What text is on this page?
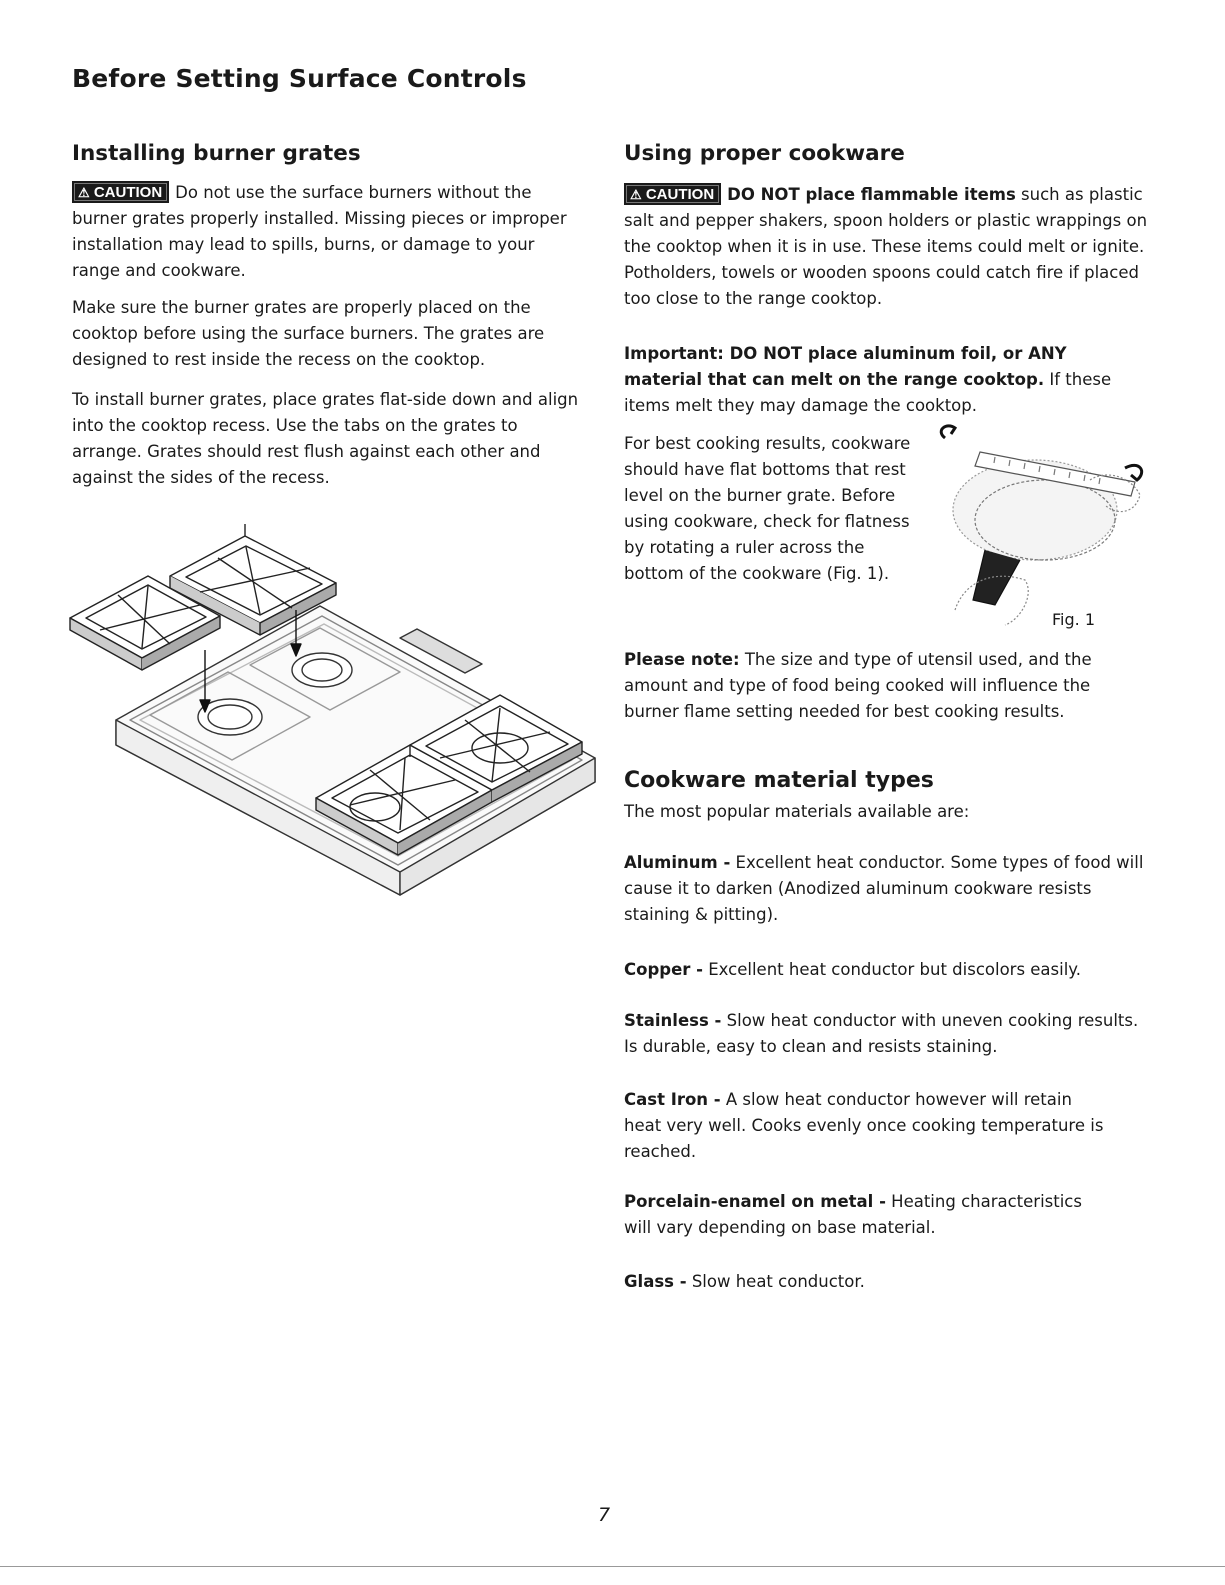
Before Setting Surface Controls
Installing burner grates

⚠ CAUTION Do not use the surface burners without the burner grates properly installed. Missing pieces or improper installation may lead to spills, burns, or damage to your range and cookware.

Make sure the burner grates are properly placed on the cooktop before using the surface burners. The grates are designed to rest inside the recess on the cooktop.

To install burner grates, place grates flat-side down and align into the cooktop recess. Use the tabs on the grates to arrange. Grates should rest flush against each other and against the sides of the recess.

Using proper cookware

⚠ CAUTION DO NOT place flammable items such as plastic salt and pepper shakers, spoon holders or plastic wrappings on the cooktop when it is in use. These items could melt or ignite. Potholders, towels or wooden spoons could catch fire if placed too close to the range cooktop.

Important: DO NOT place aluminum foil, or ANY material that can melt on the range cooktop. If these items melt they may damage the cooktop.

For best cooking results, cookware should have flat bottoms that rest level on the burner grate. Before using cookware, check for flatness by rotating a ruler across the bottom of the cookware (Fig. 1).

Fig. 1

Please note: The size and type of utensil used, and the amount and type of food being cooked will influence the burner flame setting needed for best cooking results.

Cookware material types

The most popular materials available are:

Aluminum - Excellent heat conductor. Some types of food will cause it to darken (Anodized aluminum cookware resists staining & pitting).

Copper - Excellent heat conductor but discolors easily.

Stainless - Slow heat conductor with uneven cooking results. Is durable, easy to clean and resists staining.

Cast Iron - A slow heat conductor however will retain heat very well. Cooks evenly once cooking temperature is reached.

Porcelain-enamel on metal - Heating characteristics will vary depending on base material.

Glass - Slow heat conductor.

7
